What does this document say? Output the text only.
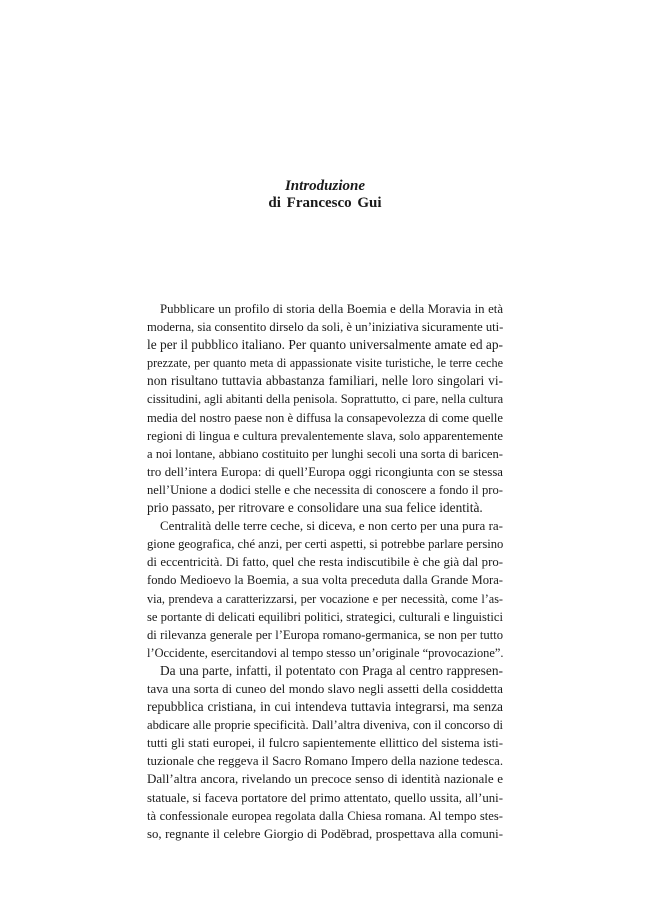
Introduzione
di Francesco Gui
Pubblicare un profilo di storia della Boemia e della Moravia in età
moderna, sia consentito dirselo da soli, è un’iniziativa sicuramente uti-
le per il pubblico italiano. Per quanto universalmente amate ed ap-
prezzate, per quanto meta di appassionate visite turistiche, le terre ceche
non risultano tuttavia abbastanza familiari, nelle loro singolari vi-
cissitudini, agli abitanti della penisola. Soprattutto, ci pare, nella cultura
media del nostro paese non è diffusa la consapevolezza di come quelle
regioni di lingua e cultura prevalentemente slava, solo apparentemente
a noi lontane, abbiano costituito per lunghi secoli una sorta di baricen-
tro dell’intera Europa: di quell’Europa oggi ricongiunta con se stessa
nell’Unione a dodici stelle e che necessita di conoscere a fondo il pro-
prio passato, per ritrovare e consolidare una sua felice identità.
Centralità delle terre ceche, si diceva, e non certo per una pura ra-
gione geografica, ché anzi, per certi aspetti, si potrebbe parlare persino
di eccentricità. Di fatto, quel che resta indiscutibile è che già dal pro-
fondo Medioevo la Boemia, a sua volta preceduta dalla Grande Mora-
via, prendeva a caratterizzarsi, per vocazione e per necessità, come l’as-
se portante di delicati equilibri politici, strategici, culturali e linguistici
di rilevanza generale per l’Europa romano-germanica, se non per tutto
l’Occidente, esercitandovi al tempo stesso un’originale “provocazione”.
Da una parte, infatti, il potentato con Praga al centro rappresen-
tava una sorta di cuneo del mondo slavo negli assetti della cosiddetta
repubblica cristiana, in cui intendeva tuttavia integrarsi, ma senza
abdicare alle proprie specificità. Dall’altra diveniva, con il concorso di
tutti gli stati europei, il fulcro sapientemente ellittico del sistema isti-
tuzionale che reggeva il Sacro Romano Impero della nazione tedesca.
Dall’altra ancora, rivelando un precoce senso di identità nazionale e
statuale, si faceva portatore del primo attentato, quello ussita, all’uni-
tà confessionale europea regolata dalla Chiesa romana. Al tempo stes-
so, regnante il celebre Giorgio di Poděbrad, prospettava alla comuni-
